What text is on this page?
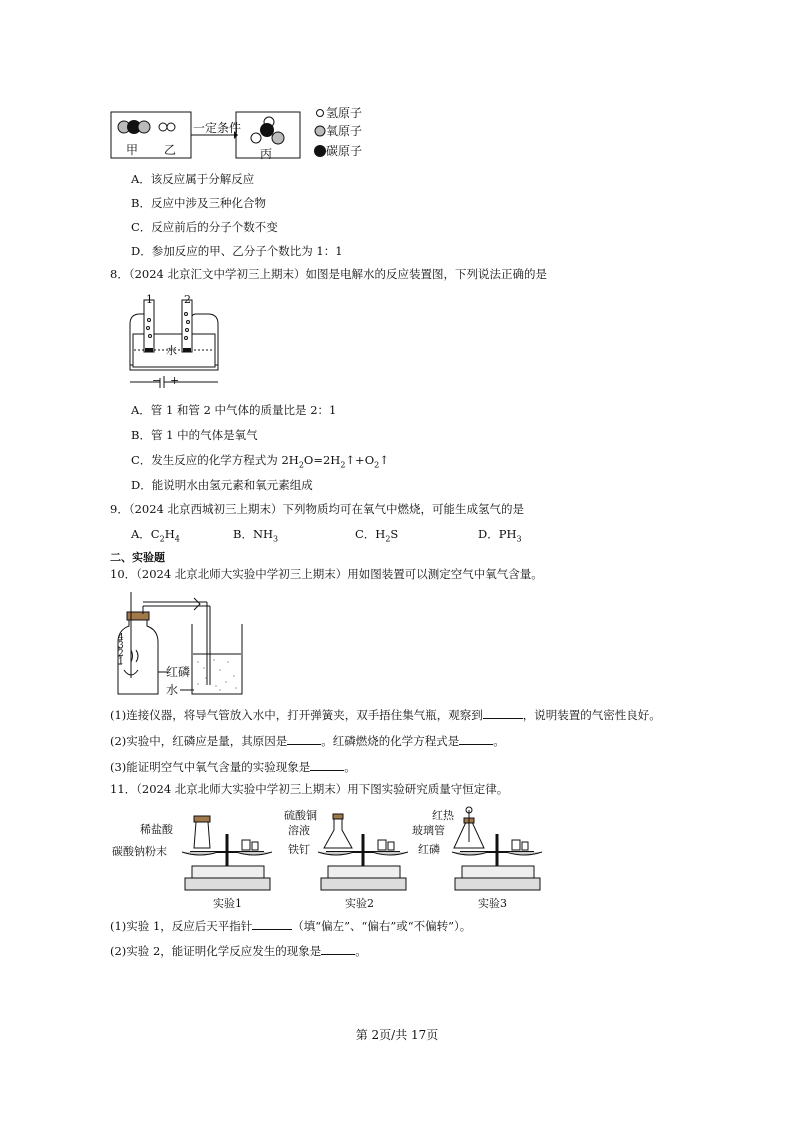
甲 乙
一定条件
丙
氢原子
氧原子
碳原子
A．该反应属于分解反应
B．反应中涉及三种化合物
C．反应前后的分子个数不变
D．参加反应的甲、乙分子个数比为 1：1
8．（2024 北京汇文中学初三上期末）如图是电解水的反应装置图，下列说法正确的是
1	2
水
− +
A．管 1 和管 2 中气体的质量比是 2：1
B．管 1 中的气体是氧气
C．发生反应的化学方程式为 $2H_2O=2H_2↑+O_2↑$
D．能说明水由氢元素和氧元素组成
9．（2024 北京西城初三上期末）下列物质均可在氧气中燃烧，可能生成氢气的是
A．$C_2H_4$	B．$NH_3$	C．$H_2S$	D．$PH_3$
二、实验题
10．（2024 北京北师大实验中学初三上期末）用如图装置可以测定空气中氧气含量。
4
3
2
1
红磷
水
(1)连接仪器，将导气管放入水中，打开弹簧夹，双手捂住集气瓶，观察到	，说明装置的气密性良好。
(2)实验中，红磷应是量，其原因是	。红磷燃烧的化学方程式是	。
(3)能证明空气中氧气含量的实验现象是	。
11．（2024 北京北师大实验中学初三上期末）用下图实验研究质量守恒定律。
稀盐酸
碳酸钠粉末
实验1
硫酸铜
溶液
铁钉
实验2
红热
玻璃管
红磷
实验3
(1)实验 1，反应后天平指针	（填“偏左”、“偏右”或“不偏转”）。
(2)实验 2，能证明化学反应发生的现象是	。
第 2页/共 17页
